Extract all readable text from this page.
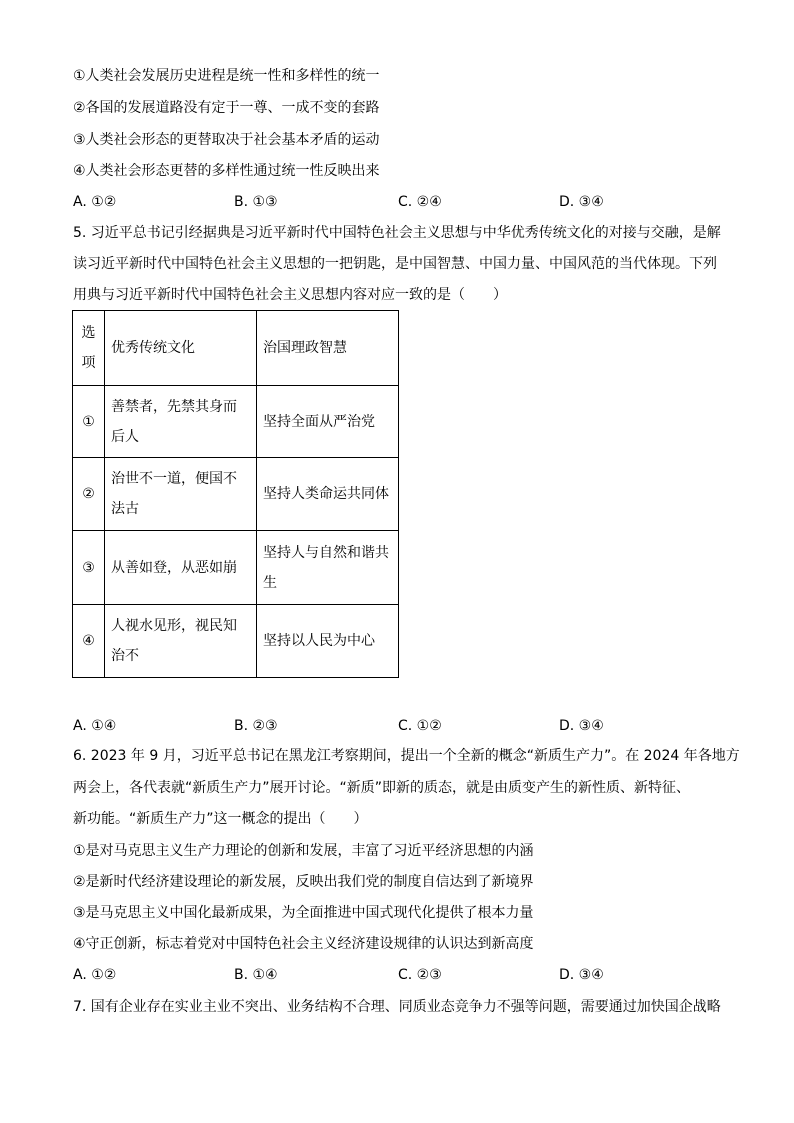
①人类社会发展历史进程是统一性和多样性的统一
②各国的发展道路没有定于一尊、一成不变的套路
③人类社会形态的更替取决于社会基本矛盾的运动
④人类社会形态更替的多样性通过统一性反映出来
A. ①②	B. ①③	C. ②④	D. ③④
5. 习近平总书记引经据典是习近平新时代中国特色社会主义思想与中华优秀传统文化的对接与交融，是解
读习近平新时代中国特色社会主义思想的一把钥匙，是中国智慧、中国力量、中国风范的当代体现。下列
用典与习近平新时代中国特色社会主义思想内容对应一致的是（　　）
选项	优秀传统文化	治国理政智慧
①	善禁者，先禁其身而后人	坚持全面从严治党
②	治世不一道，便国不法古	坚持人类命运共同体
③	从善如登，从恶如崩	坚持人与自然和谐共生
④	人视水见形，视民知治不	坚持以人民为中心
A. ①④	B. ②③	C. ①②	D. ③④
6. 2023 年 9 月，习近平总书记在黑龙江考察期间，提出一个全新的概念“新质生产力”。在 2024 年各地方
两会上，各代表就“新质生产力”展开讨论。“新质”即新的质态，就是由质变产生的新性质、新特征、
新功能。“新质生产力”这一概念的提出（　　）
①是对马克思主义生产力理论的创新和发展，丰富了习近平经济思想的内涵
②是新时代经济建设理论的新发展，反映出我们党的制度自信达到了新境界
③是马克思主义中国化最新成果，为全面推进中国式现代化提供了根本力量
④守正创新，标志着党对中国特色社会主义经济建设规律的认识达到新高度
A. ①②	B. ①④	C. ②③	D. ③④
7. 国有企业存在实业主业不突出、业务结构不合理、同质业态竞争力不强等问题，需要通过加快国企战略
